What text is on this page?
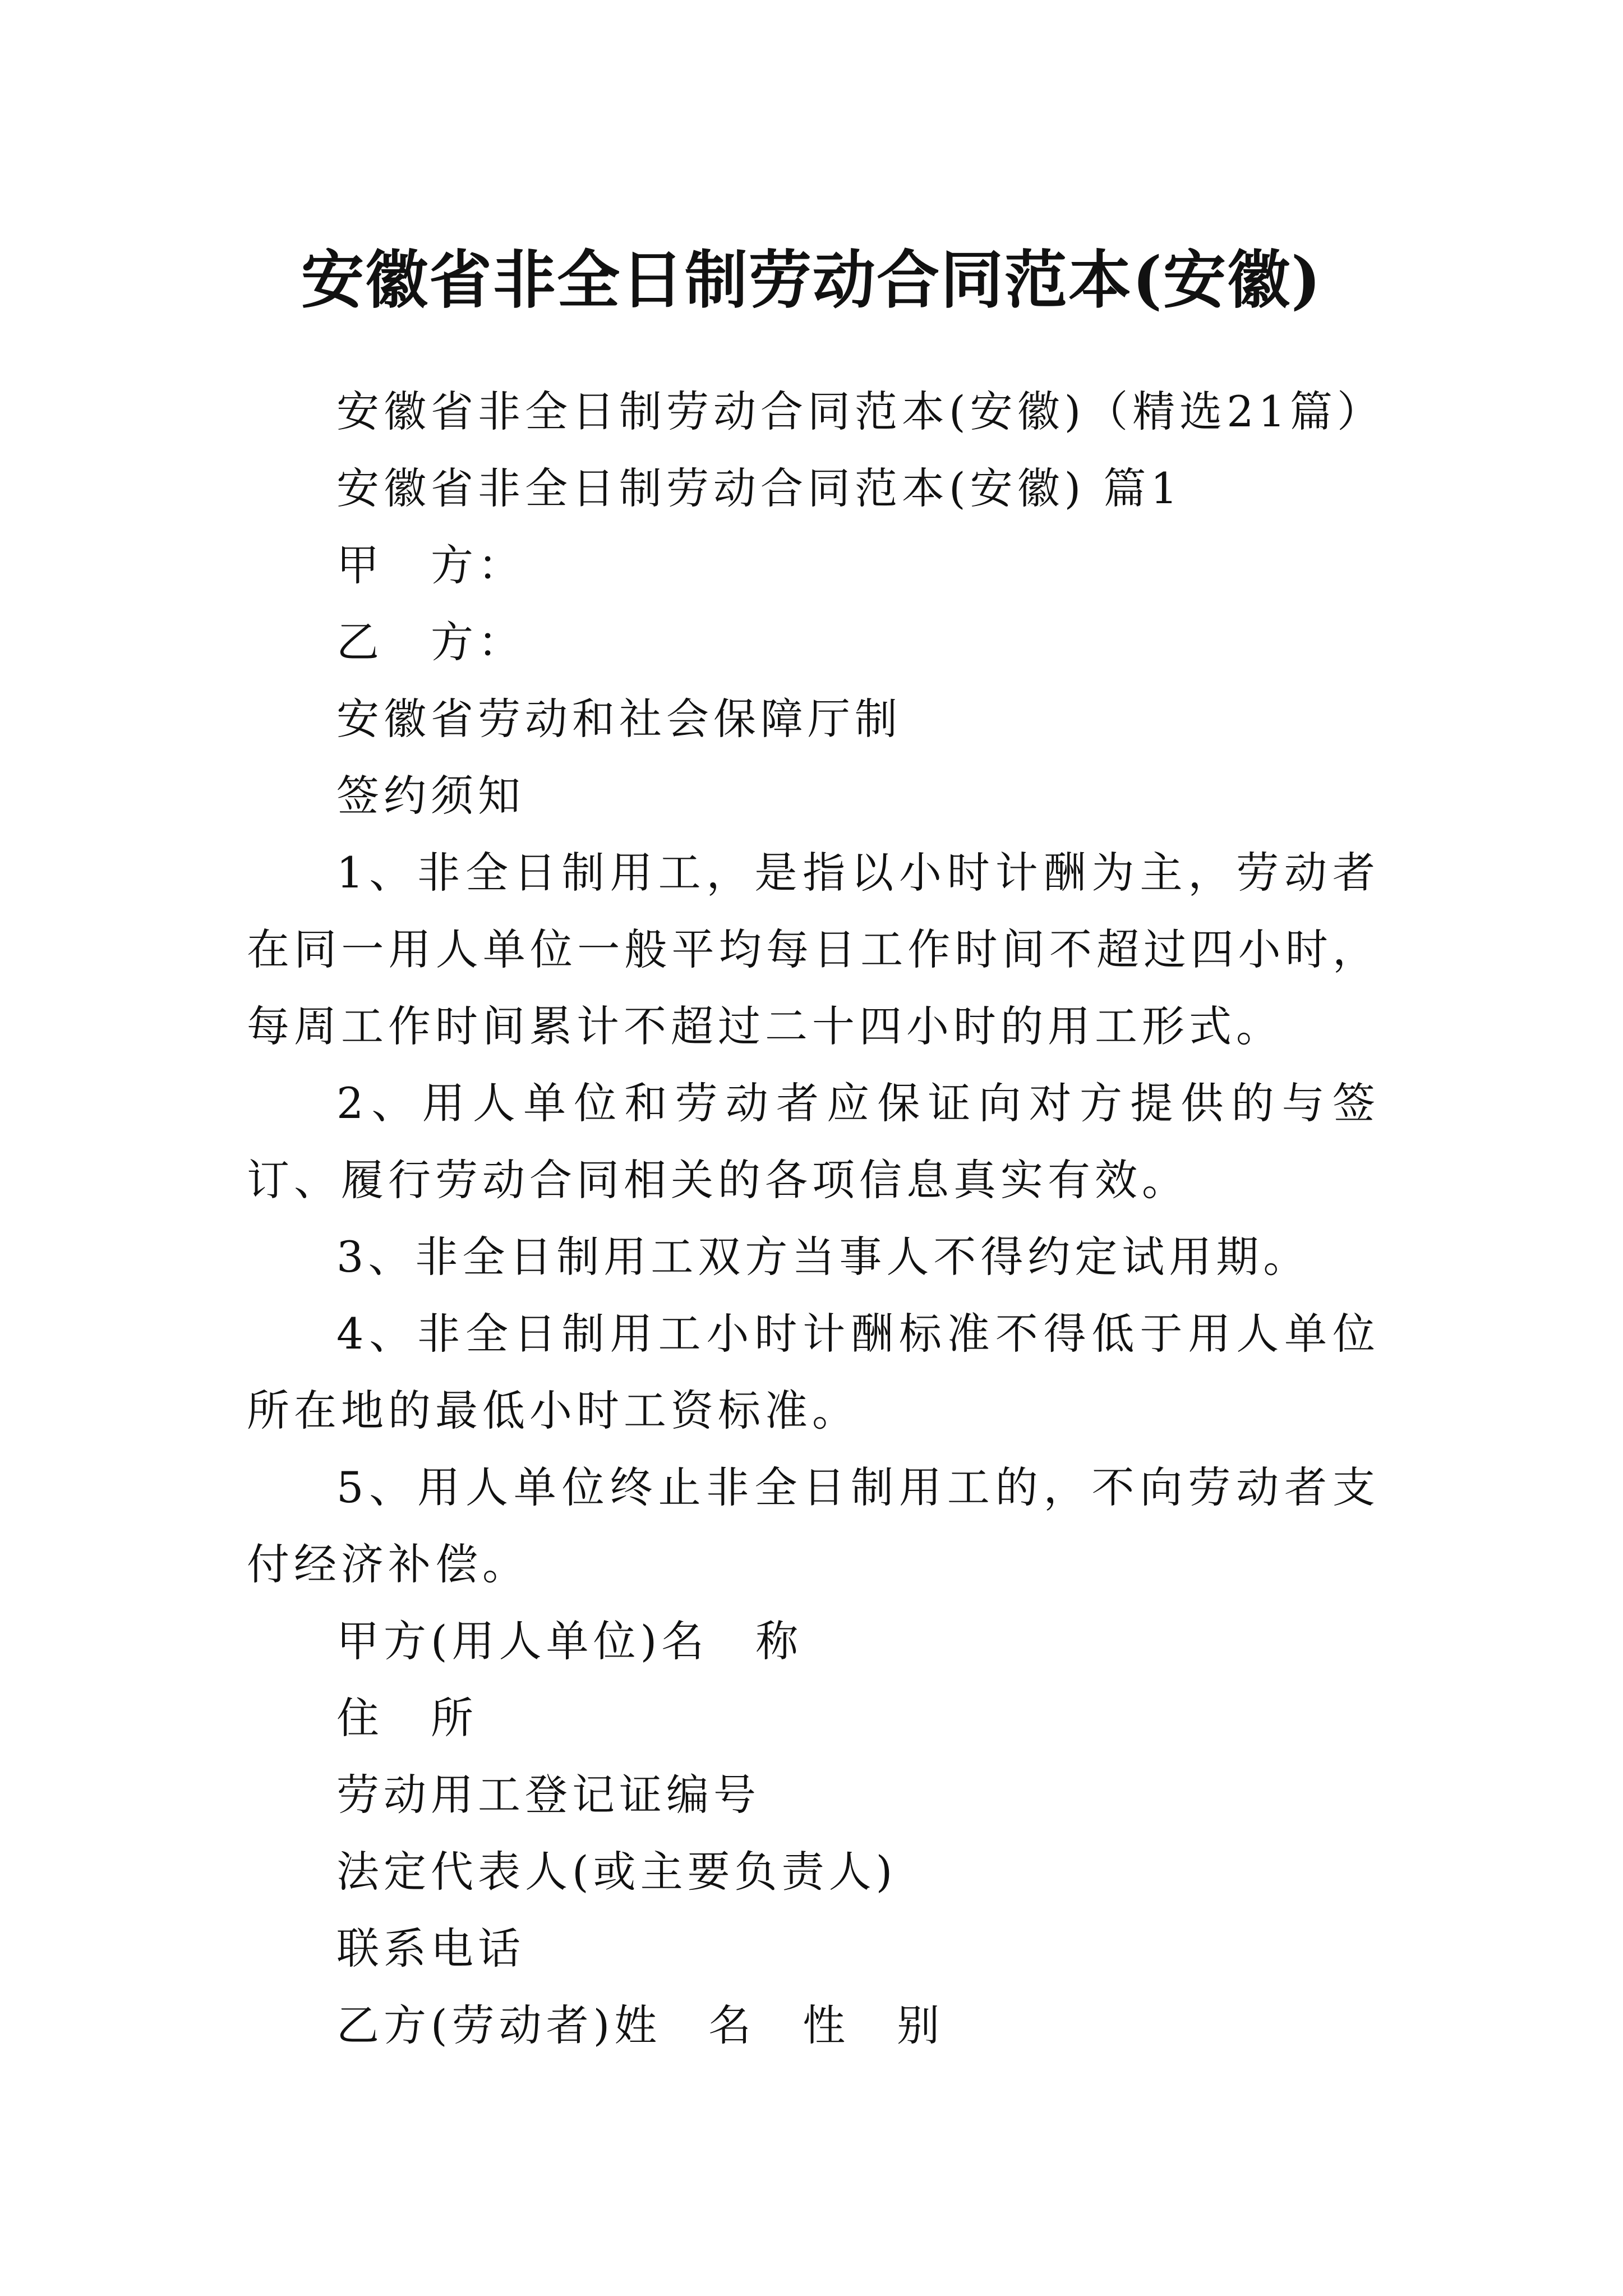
安徽省非全日制劳动合同范本(安徽)

安徽省非全日制劳动合同范本(安徽)（精选21篇）

安徽省非全日制劳动合同范本(安徽) 篇1

甲　方：

乙　方：

安徽省劳动和社会保障厅制

签约须知

1、非全日制用工，是指以小时计酬为主，劳动者在同一用人单位一般平均每日工作时间不超过四小时，每周工作时间累计不超过二十四小时的用工形式。

2、用人单位和劳动者应保证向对方提供的与签订、履行劳动合同相关的各项信息真实有效。

3、非全日制用工双方当事人不得约定试用期。

4、非全日制用工小时计酬标准不得低于用人单位所在地的最低小时工资标准。

5、用人单位终止非全日制用工的，不向劳动者支付经济补偿。

甲方(用人单位)名　称

住　所

劳动用工登记证编号

法定代表人(或主要负责人)

联系电话

乙方(劳动者)姓　名　性　别
